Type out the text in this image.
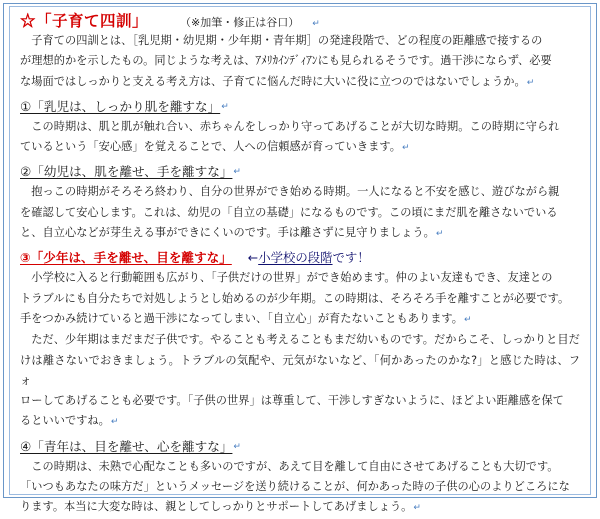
☆「子育て四訓」	（※加筆・修正は谷口） ↵

　子育ての四訓とは、［乳児期・幼児期・少年期・青年期］の発達段階で、どの程度の距離感で接するの
が理想的かを示したもの。同じような考えは、ｱﾒﾘｶｲﾝﾃﾞｨｱﾝにも見られるそうです。過干渉にならず、必要
な場面ではしっかりと支える考え方は、子育てに悩んだ時に大いに役に立つのではないでしょうか。↵

①「乳児は、しっかり肌を離すな」 ↵

　この時期は、肌と肌が触れ合い、赤ちゃんをしっかり守ってあげることが大切な時期。この時期に守られ
ているという「安心感」を覚えることで、人への信頼感が育っていきます。↵

②「幼児は、肌を離せ、手を離すな」 ↵

　抱っこの時期がそろそろ終わり、自分の世界ができ始める時期。一人になると不安を感じ、遊びながら親
を確認して安心します。これは、幼児の「自立の基礎」になるものです。この頃にまだ肌を離さないでいる
と、自立心などが芽生える事ができにくいのです。手は離さずに見守りましょう。↵

③「少年は、手を離せ、目を離すな」 ←小学校の段階です！

　小学校に入ると行動範囲も広がり、「子供だけの世界」ができ始めます。仲のよい友達もでき、友達との
トラブルにも自分たちで対処しようとし始めるのが少年期。この時期は、そろそろ手を離すことが必要です。
手をつかみ続けていると過干渉になってしまい、「自立心」が育たないこともあります。↵
　ただ、少年期はまだまだ子供です。やることも考えることもまだ幼いものです。だからこそ、しっかりと目だ
けは離さないでおきましょう。トラブルの気配や、元気がないなど、「何かあったのかな?」と感じた時は、フォ
ローしてあげることも必要です。「子供の世界」は尊重して、干渉しすぎないように、ほどよい距離感を保て
るといいですね。↵

④「青年は、目を離せ、心を離すな」 ↵

　この時期は、未熟で心配なことも多いのですが、あえて目を離して自由にさせてあげることも大切です。
「いつもあなたの味方だ」というメッセージを送り続けることが、何かあった時の子供の心のよりどころにな
ります。本当に大変な時は、親としてしっかりとサポートしてあげましょう。↵
